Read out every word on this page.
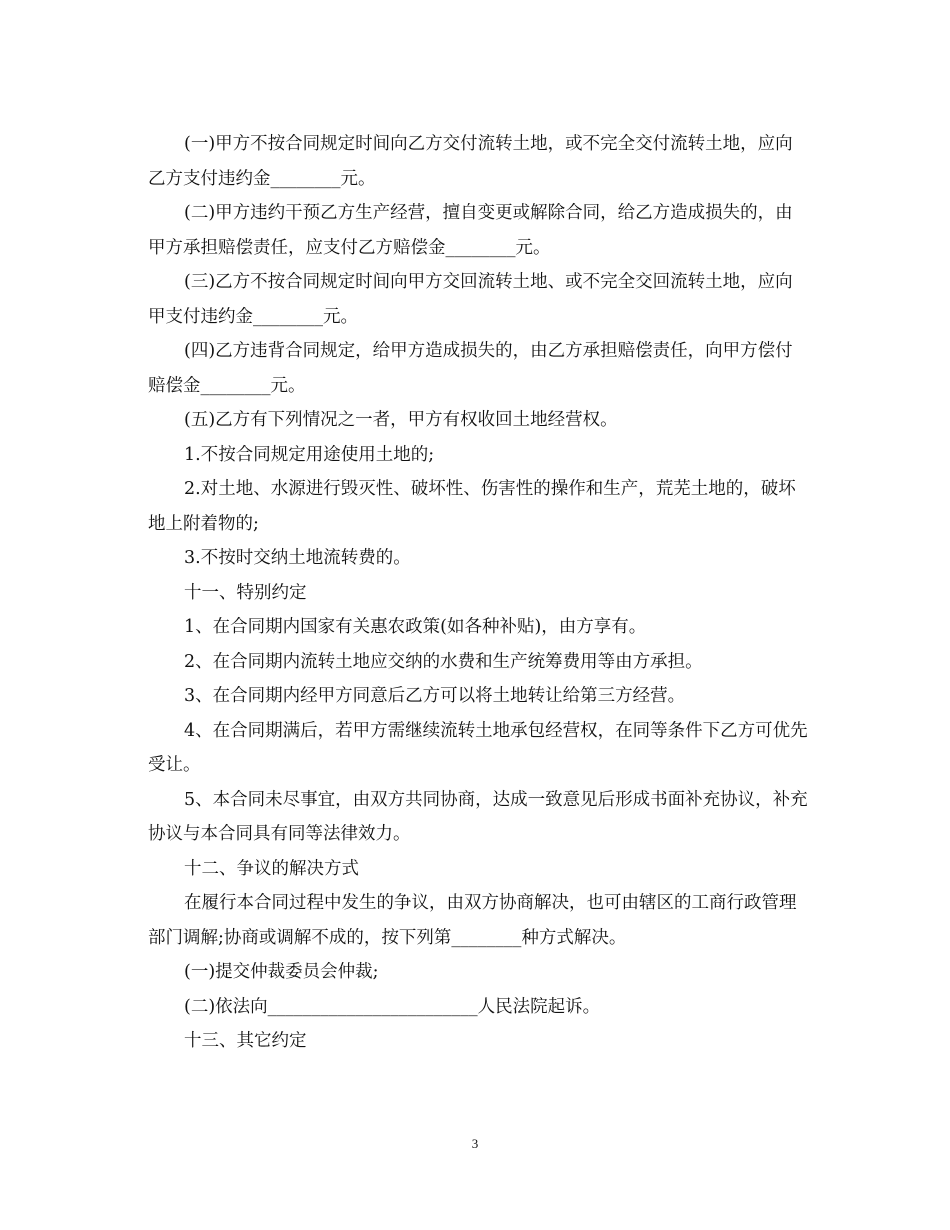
(一)甲方不按合同规定时间向乙方交付流转土地，或不完全交付流转土地，应向乙方支付违约金________元。

(二)甲方违约干预乙方生产经营，擅自变更或解除合同，给乙方造成损失的，由甲方承担赔偿责任，应支付乙方赔偿金________元。

(三)乙方不按合同规定时间向甲方交回流转土地、或不完全交回流转土地，应向甲支付违约金________元。

(四)乙方违背合同规定，给甲方造成损失的，由乙方承担赔偿责任，向甲方偿付赔偿金________元。

(五)乙方有下列情况之一者，甲方有权收回土地经营权。

1.不按合同规定用途使用土地的;

2.对土地、水源进行毁灭性、破坏性、伤害性的操作和生产，荒芜土地的，破坏地上附着物的;

3.不按时交纳土地流转费的。

十一、特别约定

1、在合同期内国家有关惠农政策(如各种补贴)，由方享有。

2、在合同期内流转土地应交纳的水费和生产统筹费用等由方承担。

3、在合同期内经甲方同意后乙方可以将土地转让给第三方经营。

4、在合同期满后，若甲方需继续流转土地承包经营权，在同等条件下乙方可优先受让。

5、本合同未尽事宜，由双方共同协商，达成一致意见后形成书面补充协议，补充协议与本合同具有同等法律效力。

十二、争议的解决方式

在履行本合同过程中发生的争议，由双方协商解决，也可由辖区的工商行政管理部门调解;协商或调解不成的，按下列第________种方式解决。

(一)提交仲裁委员会仲裁;

(二)依法向________________________人民法院起诉。

十三、其它约定

3
